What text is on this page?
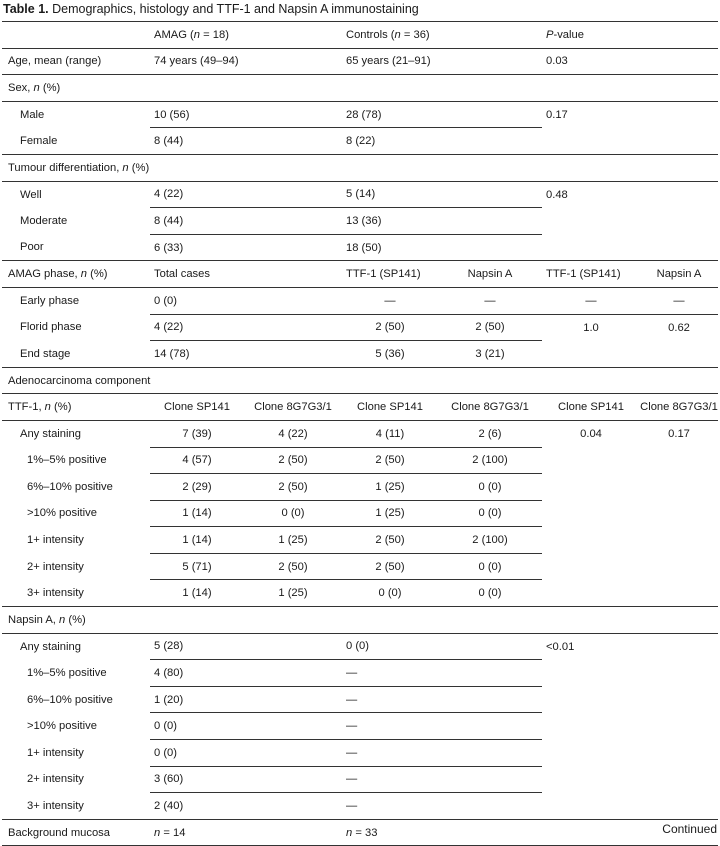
Table 1. Demographics, histology and TTF-1 and Napsin A immunostaining
	AMAG (n = 18)		Controls (n = 36)		P-value	
Age, mean (range)	74 years (49–94)		65 years (21–91)		0.03	
Sex, n (%)						
Male	10 (56)		28 (78)		0.17	
Female	8 (44)		8 (22)			
Tumour differentiation, n (%)						
Well	4 (22)		5 (14)		0.48	
Moderate	8 (44)		13 (36)			
Poor	6 (33)		18 (50)			
AMAG phase, n (%)	Total cases		TTF-1 (SP141)	Napsin A	TTF-1 (SP141)	Napsin A
Early phase	0 (0)		—	—	—	—
Florid phase	4 (22)		2 (50)	2 (50)	1.0	0.62
End stage	14 (78)		5 (36)	3 (21)		
Adenocarcinoma component						
TTF-1, n (%)	Clone SP141	Clone 8G7G3/1	Clone SP141	Clone 8G7G3/1	Clone SP141	Clone 8G7G3/1
Any staining	7 (39)	4 (22)	4 (11)	2 (6)	0.04	0.17
1%–5% positive	4 (57)	2 (50)	2 (50)	2 (100)		
6%–10% positive	2 (29)	2 (50)	1 (25)	0 (0)		
>10% positive	1 (14)	0 (0)	1 (25)	0 (0)		
1+ intensity	1 (14)	1 (25)	2 (50)	2 (100)		
2+ intensity	5 (71)	2 (50)	2 (50)	0 (0)		
3+ intensity	1 (14)	1 (25)	0 (0)	0 (0)		
Napsin A, n (%)						
Any staining	5 (28)		0 (0)		<0.01	
1%–5% positive	4 (80)		—			
6%–10% positive	1 (20)		—			
>10% positive	0 (0)		—			
1+ intensity	0 (0)		—			
2+ intensity	3 (60)		—			
3+ intensity	2 (40)		—			
Background mucosa	n = 14		n = 33				Continued
